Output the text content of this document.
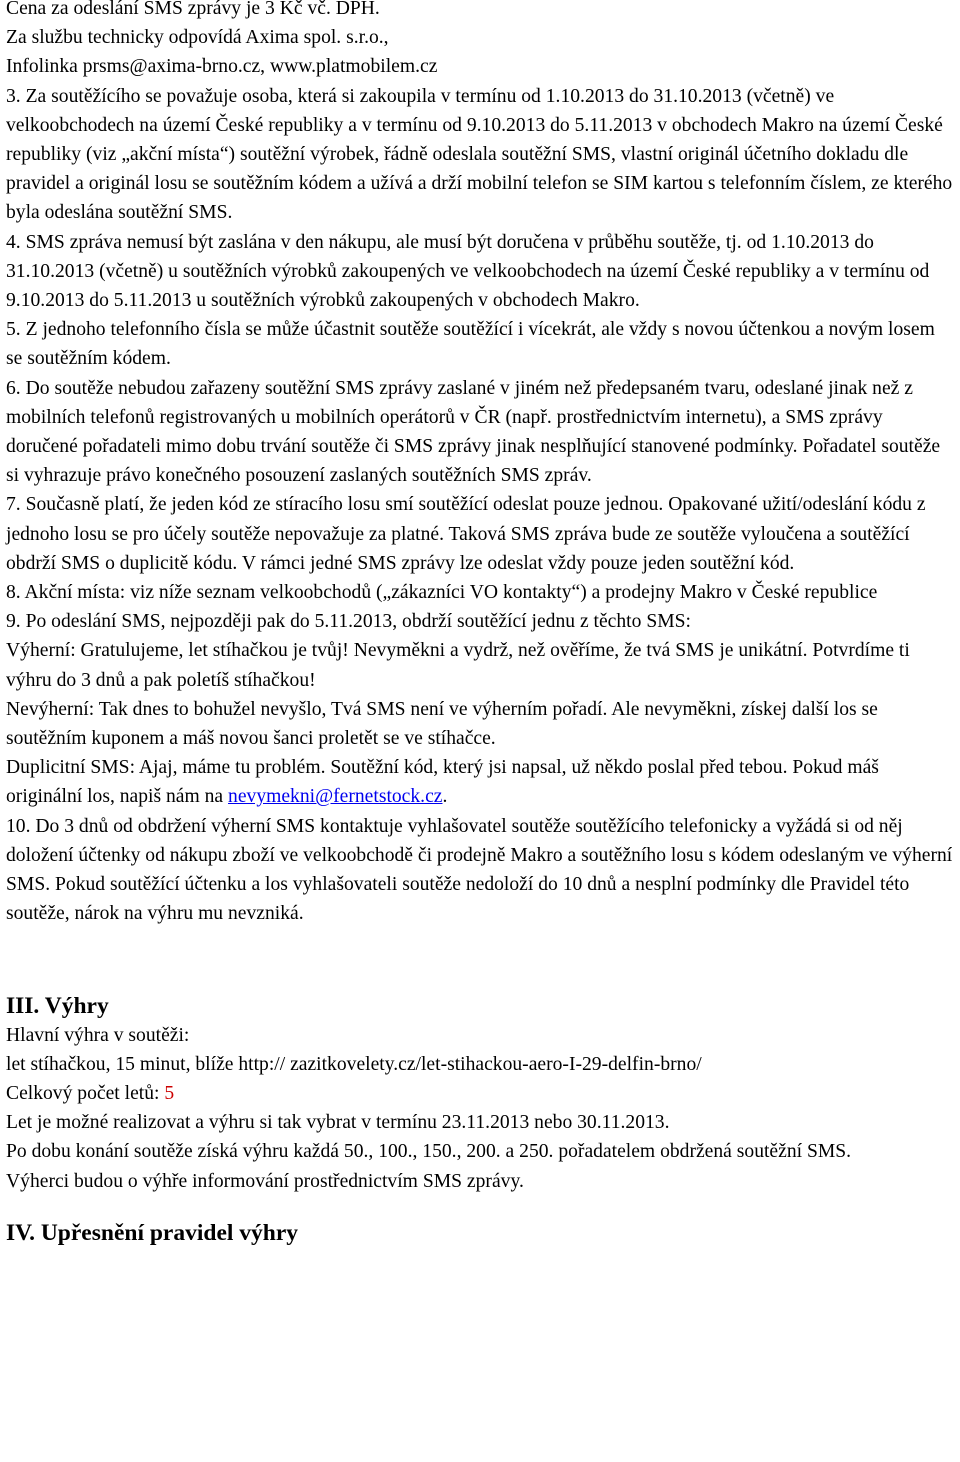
Cena za odeslání SMS zprávy je 3 Kč vč. DPH.

Za službu technicky odpovídá Axima spol. s.r.o.,

Infolinka prsms@axima-brno.cz, www.platmobilem.cz

3. Za soutěžícího se považuje osoba, která si zakoupila v termínu od 1.10.2013 do 31.10.2013 (včetně) ve velkoobchodech na území České republiky a v termínu od 9.10.2013 do 5.11.2013 v obchodech Makro na území České republiky (viz „akční místa“) soutěžní výrobek, řádně odeslala soutěžní SMS, vlastní originál účetního dokladu dle pravidel a originál losu se soutěžním kódem a užívá a drží mobilní telefon se SIM kartou s telefonním číslem, ze kterého byla odeslána soutěžní SMS.

4. SMS zpráva nemusí být zaslána v den nákupu, ale musí být doručena v průběhu soutěže, tj. od 1.10.2013 do 31.10.2013 (včetně) u soutěžních výrobků zakoupených ve velkoobchodech na území České republiky a v termínu od 9.10.2013 do 5.11.2013 u soutěžních výrobků zakoupených v obchodech Makro.

5. Z jednoho telefonního čísla se může účastnit soutěže soutěžící i vícekrát, ale vždy s novou účtenkou a novým losem se soutěžním kódem.

6. Do soutěže nebudou zařazeny soutěžní SMS zprávy zaslané v jiném než předepsaném tvaru, odeslané jinak než z mobilních telefonů registrovaných u mobilních operátorů v ČR (např. prostřednictvím internetu), a SMS zprávy doručené pořadateli mimo dobu trvání soutěže či SMS zprávy jinak nesplňující stanovené podmínky. Pořadatel soutěže si vyhrazuje právo konečného posouzení zaslaných soutěžních SMS zpráv.

7. Současně platí, že jeden kód ze stíracího losu smí soutěžící odeslat pouze jednou. Opakované užití/odeslání kódu z jednoho losu se pro účely soutěže nepovažuje za platné. Taková SMS zpráva bude ze soutěže vyloučena a soutěžící obdrží SMS o duplicitě kódu. V rámci jedné SMS zprávy lze odeslat vždy pouze jeden soutěžní kód.

8. Akční místa: viz níže seznam velkoobchodů („zákazníci VO kontakty“) a prodejny Makro v České republice

9. Po odeslání SMS, nejpozději pak do 5.11.2013, obdrží soutěžící jednu z těchto SMS:

Výherní: Gratulujeme, let stíhačkou je tvůj! Nevyměkni a vydrž, než ověříme, že tvá SMS je unikátní. Potvrdíme ti výhru do 3 dnů a pak poletíš stíhačkou!

Nevýherní: Tak dnes to bohužel nevyšlo, Tvá SMS není ve výherním pořadí. Ale nevyměkni, získej další los se soutěžním kuponem a máš novou šanci proletět se ve stíhačce.

Duplicitní SMS: Ajaj, máme tu problém. Soutěžní kód, který jsi napsal, už někdo poslal před tebou. Pokud máš originální los, napiš nám na nevymekni@fernetstock.cz.

10. Do 3 dnů od obdržení výherní SMS kontaktuje vyhlašovatel soutěže soutěžícího telefonicky a vyžádá si od něj doložení účtenky od nákupu zboží ve velkoobchodě či prodejně Makro a soutěžního losu s kódem odeslaným ve výherní SMS. Pokud soutěžící účtenku a los vyhlašovateli soutěže nedoloží do 10 dnů a nesplní podmínky dle Pravidel této soutěže, nárok na výhru mu nevzniká.

III. Výhry

Hlavní výhra v soutěži:

let stíhačkou, 15 minut, blíže http:// zazitkovelety.cz/let-stihackou-aero-I-29-delfin-brno/

Celkový počet letů: 5

Let je možné realizovat a výhru si tak vybrat v termínu 23.11.2013 nebo 30.11.2013.

Po dobu konání soutěže získá výhru každá 50., 100., 150., 200. a 250. pořadatelem obdržená soutěžní SMS.

Výherci budou o výhře informování prostřednictvím SMS zprávy.

IV. Upřesnění pravidel výhry
